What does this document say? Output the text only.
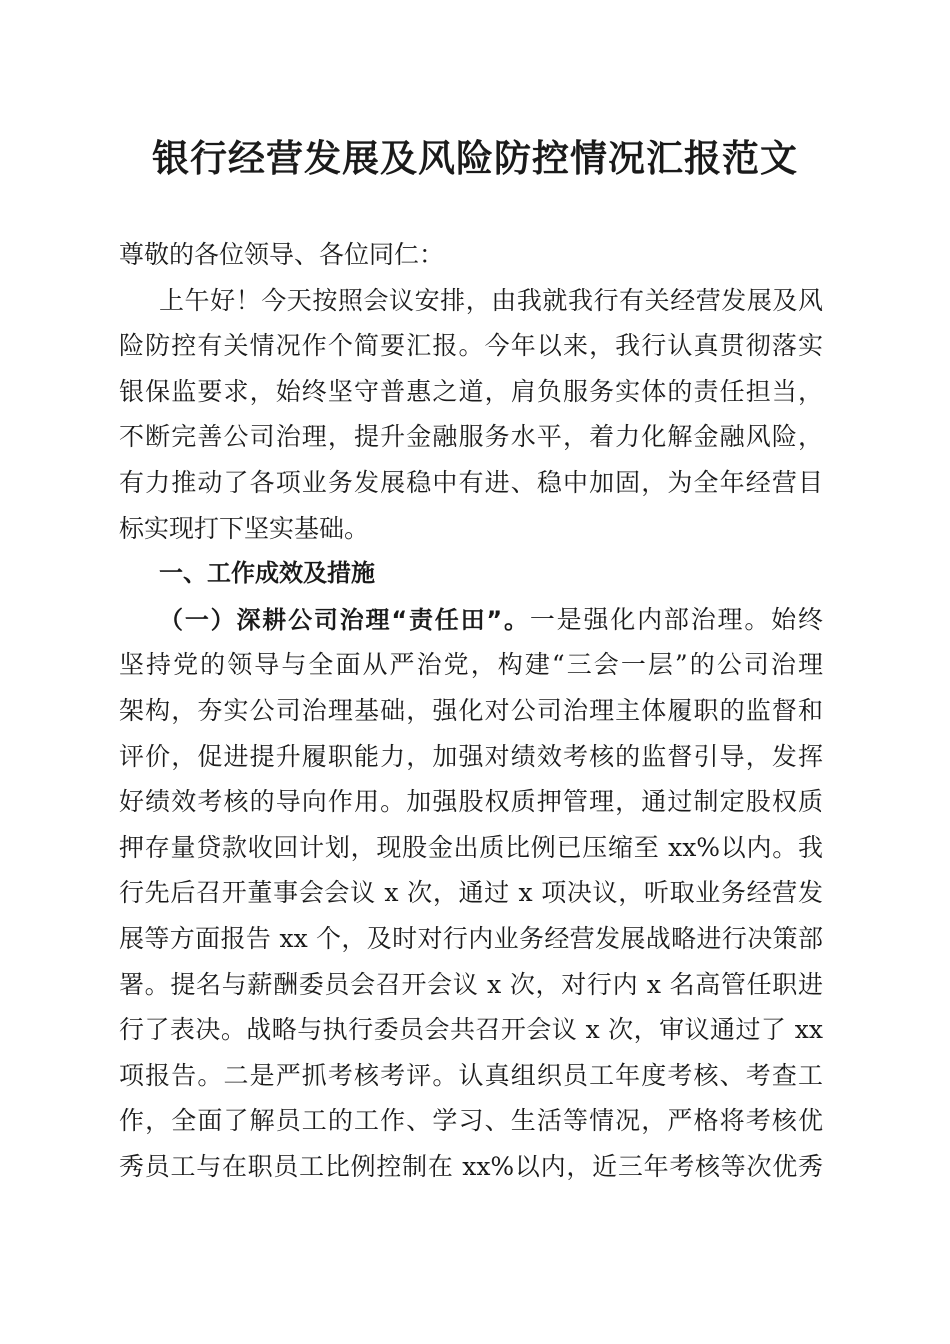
银行经营发展及风险防控情况汇报范文
尊敬的各位领导、各位同仁：
上午好！今天按照会议安排，由我就我行有关经营发展及风
险防控有关情况作个简要汇报。今年以来，我行认真贯彻落实
银保监要求，始终坚守普惠之道，肩负服务实体的责任担当，
不断完善公司治理，提升金融服务水平，着力化解金融风险，
有力推动了各项业务发展稳中有进、稳中加固，为全年经营目
标实现打下坚实基础。
一、工作成效及措施
（一）深耕公司治理“责任田”。一是强化内部治理。始终
坚持党的领导与全面从严治党，构建“三会一层”的公司治理
架构，夯实公司治理基础，强化对公司治理主体履职的监督和
评价，促进提升履职能力，加强对绩效考核的监督引导，发挥
好绩效考核的导向作用。加强股权质押管理，通过制定股权质
押存量贷款收回计划，现股金出质比例已压缩至 xx%以内。我
行先后召开董事会会议 x 次，通过 x 项决议，听取业务经营发
展等方面报告 xx 个，及时对行内业务经营发展战略进行决策部
署。提名与薪酬委员会召开会议 x 次，对行内 x 名高管任职进
行了表决。战略与执行委员会共召开会议 x 次，审议通过了 xx
项报告。二是严抓考核考评。认真组织员工年度考核、考查工
作，全面了解员工的工作、学习、生活等情况，严格将考核优
秀员工与在职员工比例控制在 xx%以内，近三年考核等次优秀
